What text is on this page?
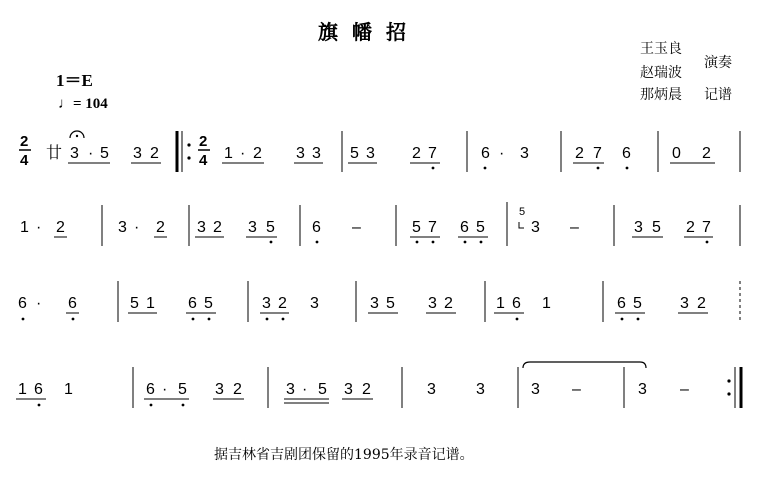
旗幡招
1＝E
♩= 104
王玉良
赵瑞波
演奏
那炳晨 记谱
2
4 廿 3 · 5 3 2
2
4 1 · 2 3 3 5 3 2 7	6 · 3	2 7 6	0 2
1 · 2	3 · 2 3 2 3 5 6 –	5 7 6 5
5
3 –	3 5 2 7
6 · 6	5 1 6 5	3 2 3	3 5 3 2	1 6 1	6 5 3 2
1 6 1	6 · 5 3 2	3 · 5 3 2	3	3	3 –	3 –
据吉林省吉剧团保留的1995年录音记谱。
